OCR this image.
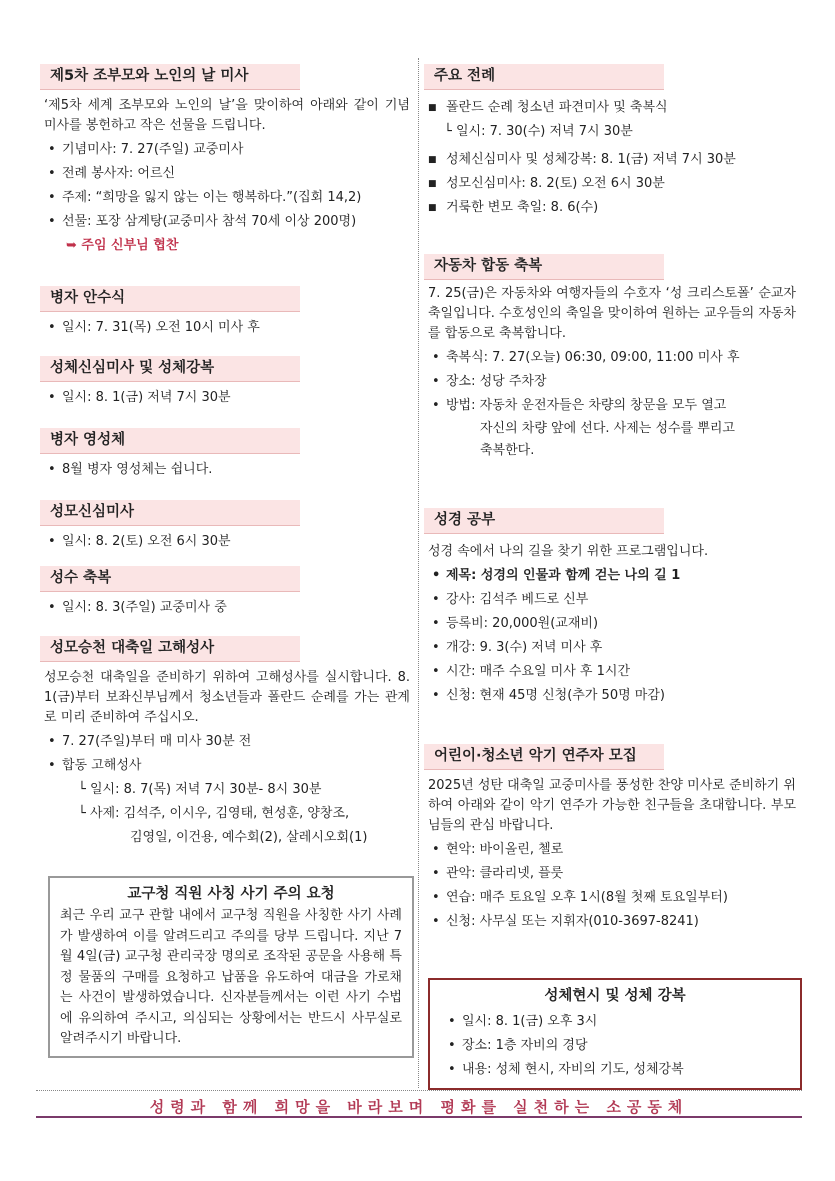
제5차 조부모와 노인의 날 미사

‘제5차 세계 조부모와 노인의 날’을 맞이하여 아래와 같이 기념 미사를 봉헌하고 작은 선물을 드립니다.

• 기념미사: 7. 27(주일) 교중미사
• 전례 봉사자: 어르신
• 주제: “희망을 잃지 않는 이는 행복하다.”(집회 14,2)
• 선물: 포장 삼계탕(교중미사 참석 70세 이상 200명)
➥ 주임 신부님 협찬
병자 안수식
• 일시: 7. 31(목) 오전 10시 미사 후
성체신심미사 및 성체강복
• 일시: 8. 1(금) 저녁 7시 30분
병자 영성체
• 8월 병자 영성체는 쉽니다.
성모신심미사
• 일시: 8. 2(토) 오전 6시 30분
성수 축복
• 일시: 8. 3(주일) 교중미사 중
성모승천 대축일 고해성사

성모승천 대축일을 준비하기 위하여 고해성사를 실시합니다. 8. 1(금)부터 보좌신부님께서 청소년들과 폴란드 순례를 가는 관계로 미리 준비하여 주십시오.

• 7. 27(주일)부터 매 미사 30분 전
• 합동 고해성사
└ 일시: 8. 7(목) 저녁 7시 30분- 8시 30분
└ 사제: 김석주, 이시우, 김영태, 현성훈, 양창조,
김영일, 이건용, 예수회(2), 살레시오회(1)
교구청 직원 사칭 사기 주의 요청

최근 우리 교구 관할 내에서 교구청 직원을 사칭한 사기 사례가 발생하여 이를 알려드리고 주의를 당부 드립니다. 지난 7월 4일(금) 교구청 관리국장 명의로 조작된 공문을 사용해 특정 물품의 구매를 요청하고 납품을 유도하여 대금을 가로채는 사건이 발생하였습니다. 신자분들께서는 이런 사기 수법에 유의하여 주시고, 의심되는 상황에서는 반드시 사무실로 알려주시기 바랍니다.

주요 전례
■ 폴란드 순례 청소년 파견미사 및 축복식
└ 일시: 7. 30(수) 저녁 7시 30분
■ 성체신심미사 및 성체강복: 8. 1(금) 저녁 7시 30분
■ 성모신심미사: 8. 2(토) 오전 6시 30분
■ 거룩한 변모 축일: 8. 6(수)
자동차 합동 축복

7. 25(금)은 자동차와 여행자들의 수호자 ‘성 크리스토폴’ 순교자 축일입니다. 수호성인의 축일을 맞이하여 원하는 교우들의 자동차를 합동으로 축복합니다.

• 축복식: 7. 27(오늘) 06:30, 09:00, 11:00 미사 후
• 장소: 성당 주차장
• 방법: 자동차 운전자들은 차량의 창문을 모두 열고
자신의 차량 앞에 선다. 사제는 성수를 뿌리고
축복한다.
성경 공부

성경 속에서 나의 길을 찾기 위한 프로그램입니다.

• 제목: 성경의 인물과 함께 걷는 나의 길 1
• 강사: 김석주 베드로 신부
• 등록비: 20,000원(교재비)
• 개강: 9. 3(수) 저녁 미사 후
• 시간: 매주 수요일 미사 후 1시간
• 신청: 현재 45명 신청(추가 50명 마감)
어린이·청소년 악기 연주자 모집

2025년 성탄 대축일 교중미사를 풍성한 찬양 미사로 준비하기 위하여 아래와 같이 악기 연주가 가능한 친구들을 초대합니다. 부모님들의 관심 바랍니다.

• 현악: 바이올린, 첼로
• 관악: 클라리넷, 플룻
• 연습: 매주 토요일 오후 1시(8월 첫째 토요일부터)
• 신청: 사무실 또는 지휘자(010-3697-8241)
성체현시 및 성체 강복
• 일시: 8. 1(금) 오후 3시
• 장소: 1층 자비의 경당
• 내용: 성체 현시, 자비의 기도, 성체강복
성령과 함께 희망을 바라보며 평화를 실천하는 소공동체
